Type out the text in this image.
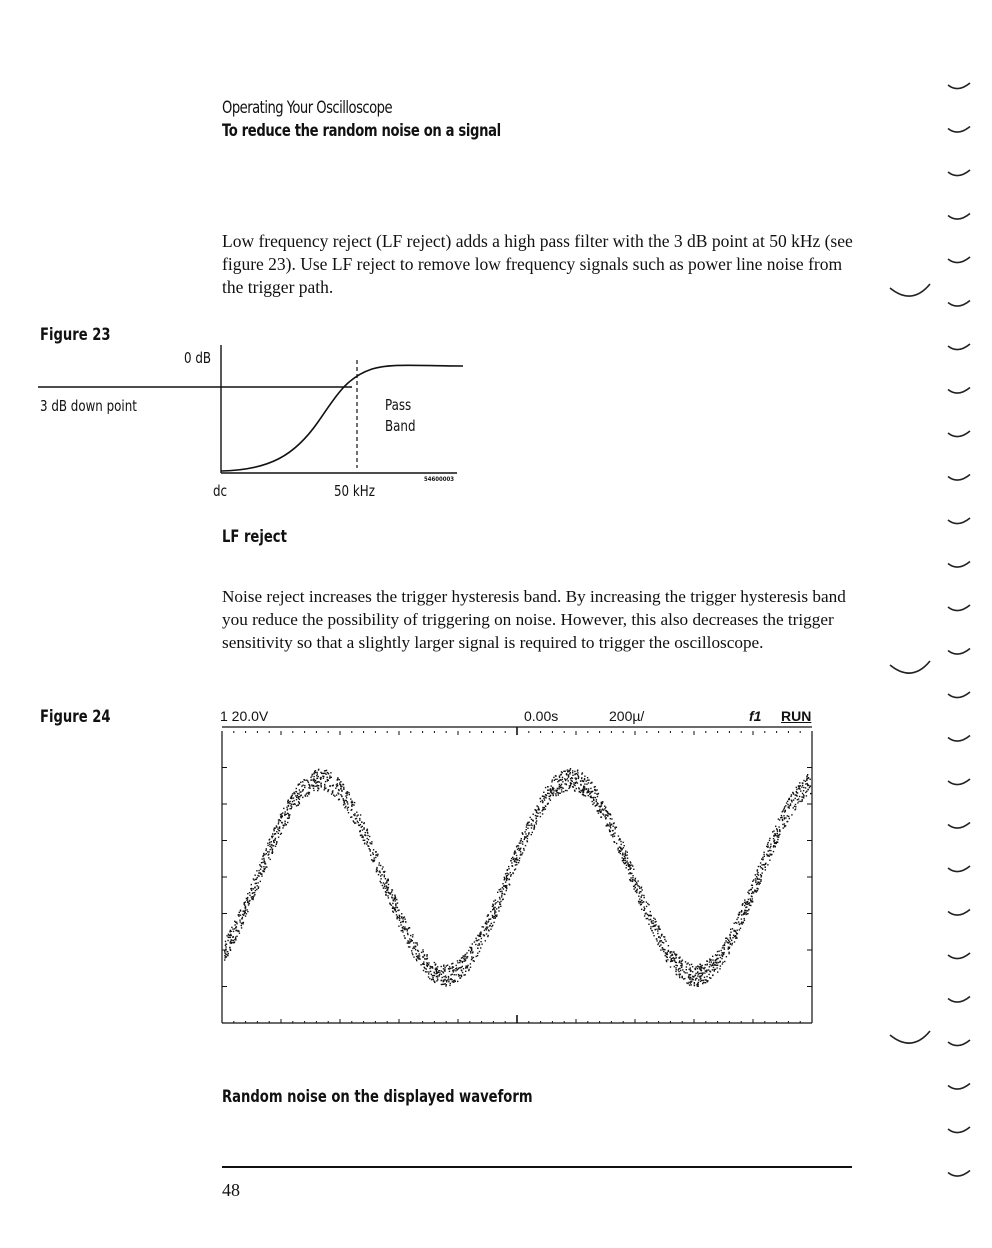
Operating Your Oscilloscope
To reduce the random noise on a signal
Low frequency reject (LF reject) adds a high pass filter with the 3 dB point at 50 kHz (see figure 23). Use LF reject to remove low frequency signals such as power line noise from the trigger path.
Figure 23
0 dB
3 dB down point	Pass
Band
dc	50 kHz
54600003
LF reject
Noise reject increases the trigger hysteresis band. By increasing the trigger hysteresis band you reduce the possibility of triggering on noise. However, this also decreases the trigger sensitivity so that a slightly larger signal is required to trigger the oscilloscope.
Figure 24	1 20.0V	0.00s	200µ/	f1 RUN
Random noise on the displayed waveform
48
